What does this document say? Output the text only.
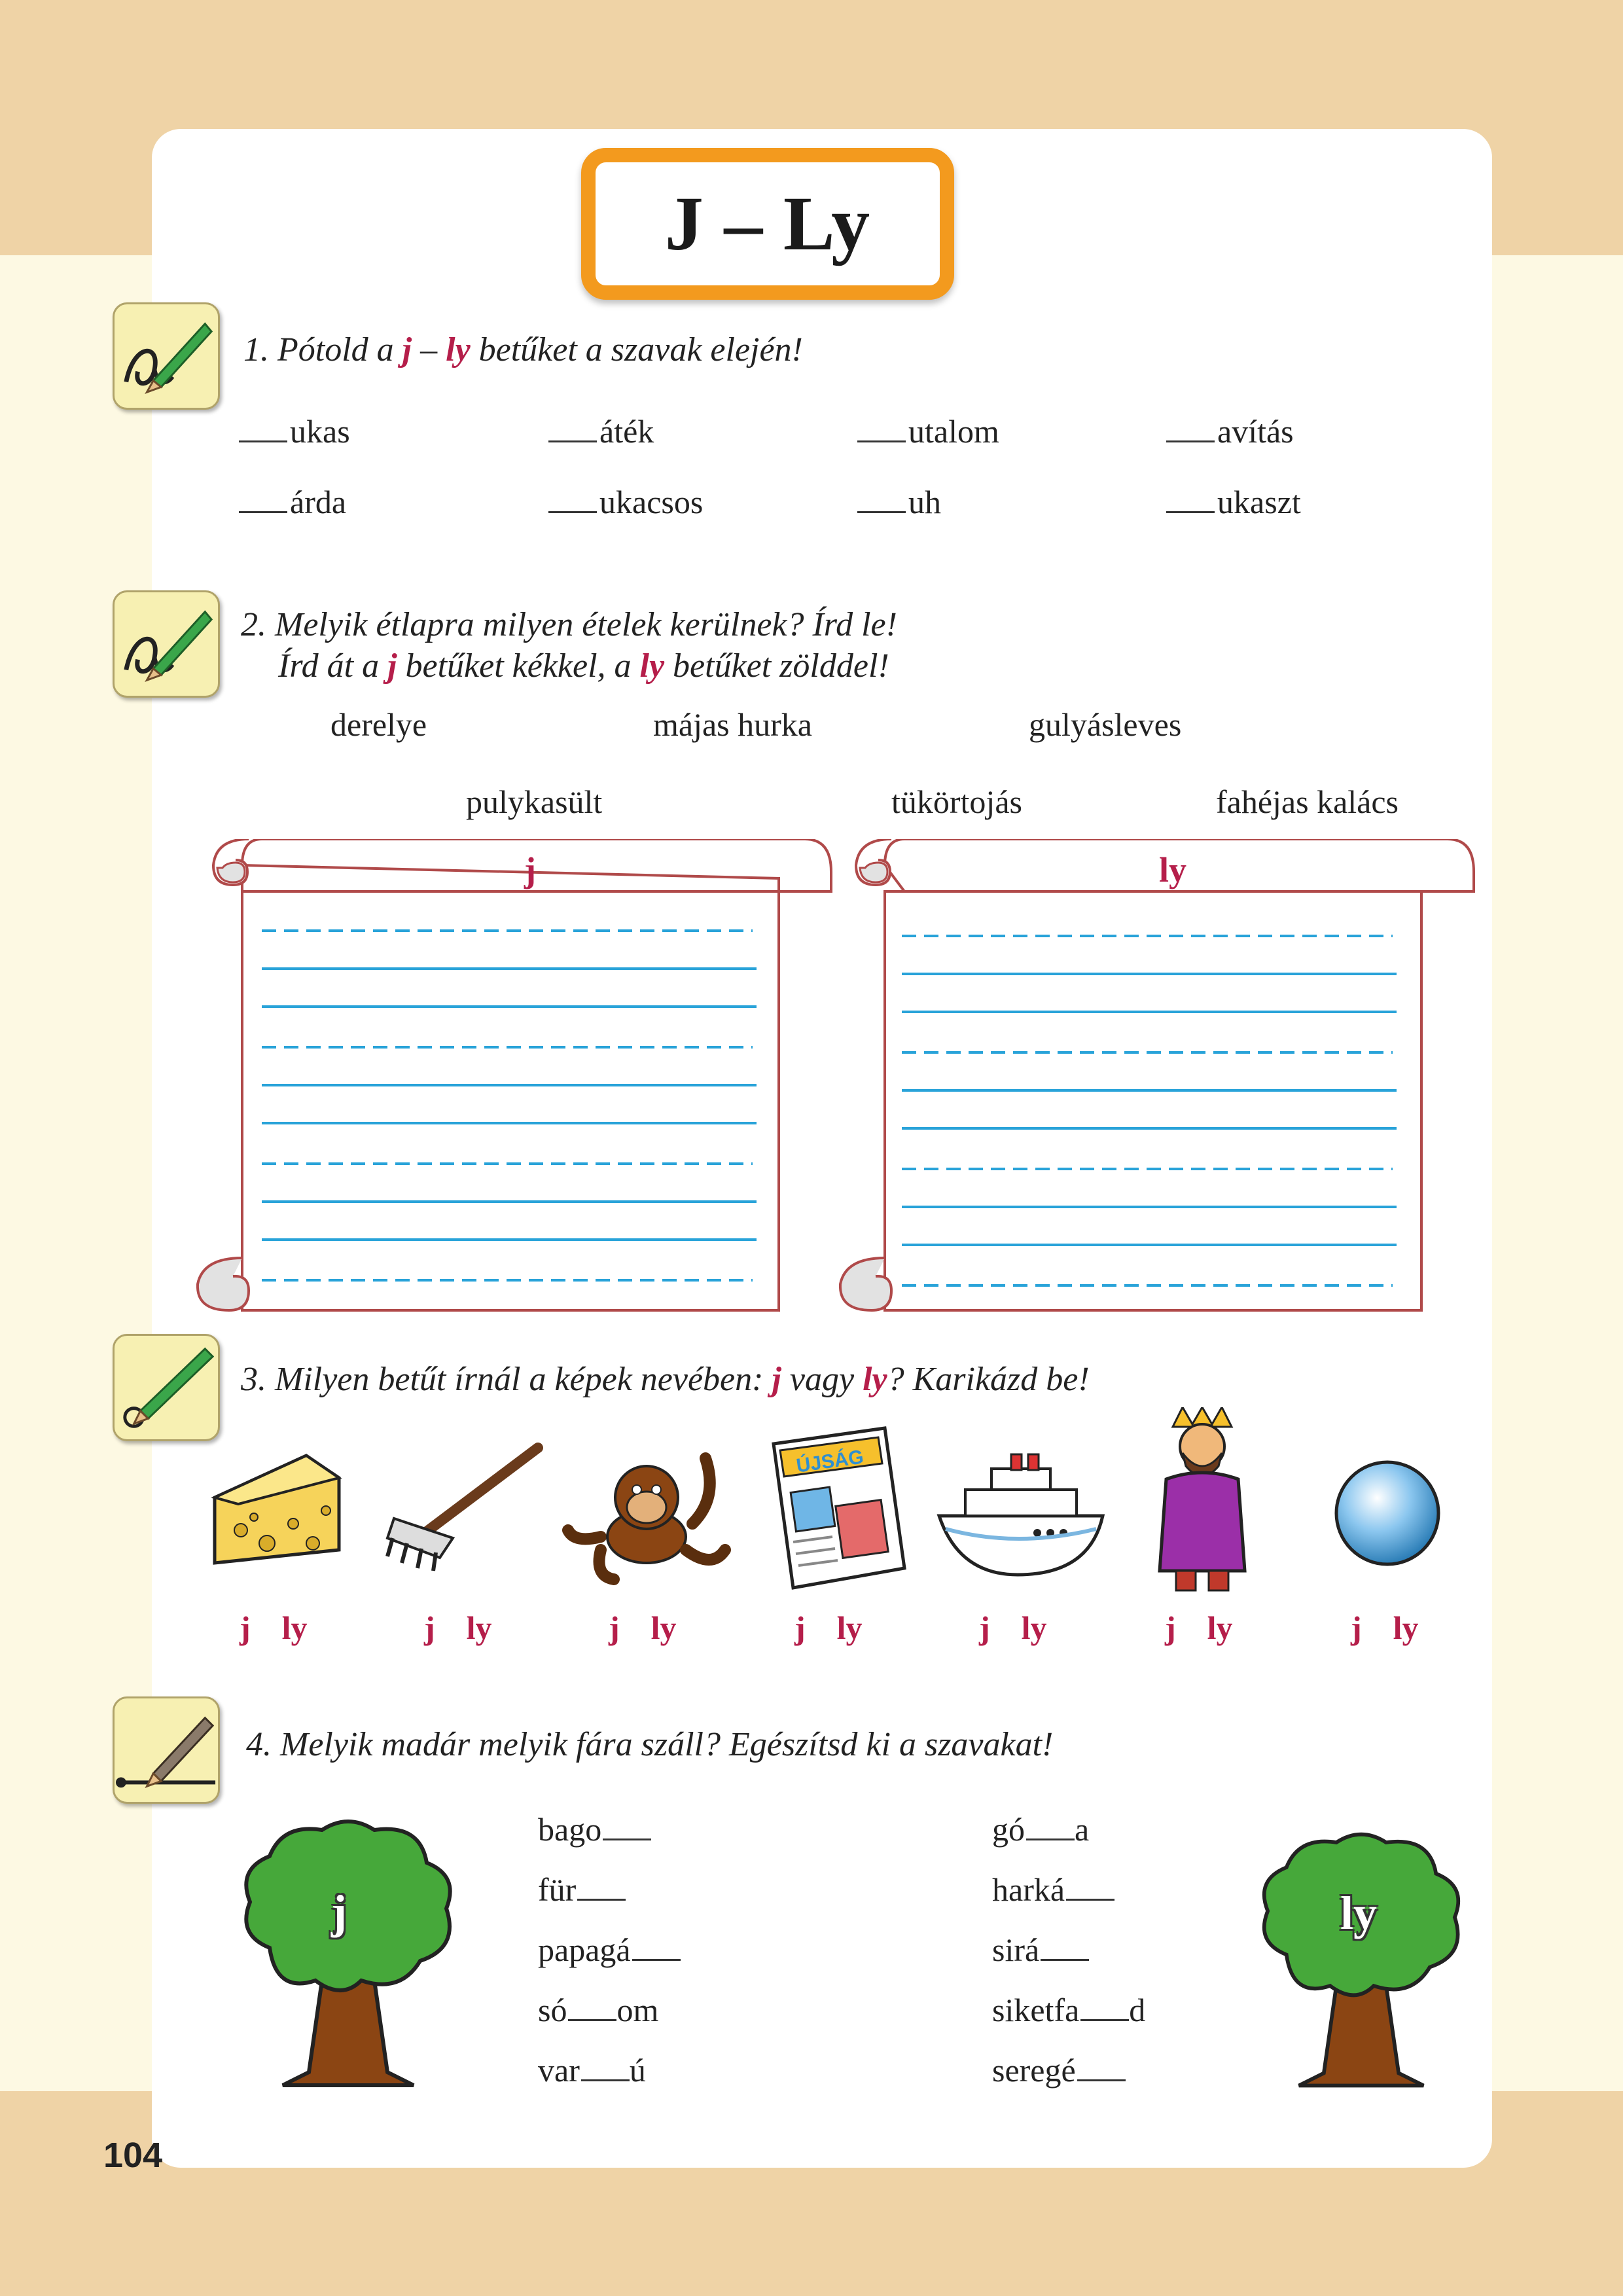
J – Ly
1. Pótold a j – ly betűket a szavak elején!
ukas	áték	utalom	avítás
árda	ukacsos	uh	ukaszt
2. Melyik étlapra milyen ételek kerülnek? Írd le!
Írd át a j betűket kékkel, a ly betűket zölddel!
derelye	májas hurka	gulyásleves
pulykasült	tükörtojás	fahéjas kalács
j	ly
3. Milyen betűt írnál a képek nevében: j vagy ly? Karikázd be!
ÚJSÁG
j ly	j ly	j ly	j ly	j ly	j ly	j ly
4. Melyik madár melyik fára száll? Egészítsd ki a szavakat!
j	ly
bago
für
papagá
só om
var ú
gó a
harká
sirá
siketfa d
seregé
104
